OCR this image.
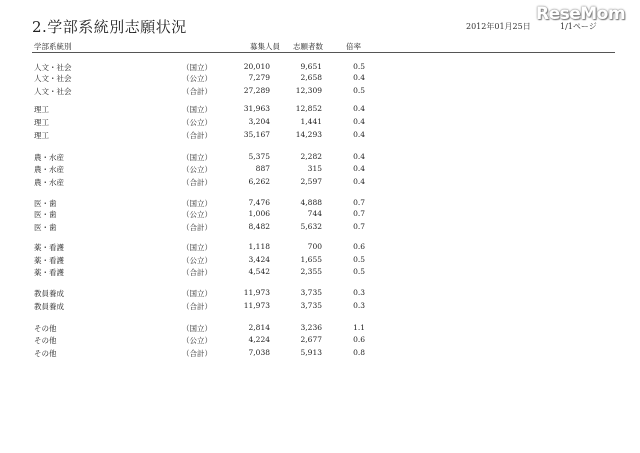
2.学部系統別志願状況	2012年01月25日	1/1ページ
ReseMom
学部系統別	募集人員 志願者数	倍率
人文・社会	（国立）	20,010	9,651	0.5
人文・社会	（公立）	7,279	2,658	0.4
人文・社会	（合計）	27,289	12,309	0.5
理工	（国立）	31,963	12,852	0.4
理工	（公立）	3,204	1,441	0.4
理工	（合計）	35,167	14,293	0.4
農・水産	（国立）	5,375	2,282	0.4
農・水産	（公立）	887	315	0.4
農・水産	（合計）	6,262	2,597	0.4
医・歯	（国立）	7,476	4,888	0.7
医・歯	（公立）	1,006	744	0.7
医・歯	（合計）	8,482	5,632	0.7
薬・看護	（国立）	1,118	700	0.6
薬・看護	（公立）	3,424	1,655	0.5
薬・看護	（合計）	4,542	2,355	0.5
教員養成	（国立）	11,973	3,735	0.3
教員養成	（合計）	11,973	3,735	0.3
その他	（国立）	2,814	3,236	1.1
その他	（公立）	4,224	2,677	0.6
その他	（合計）	7,038	5,913	0.8
